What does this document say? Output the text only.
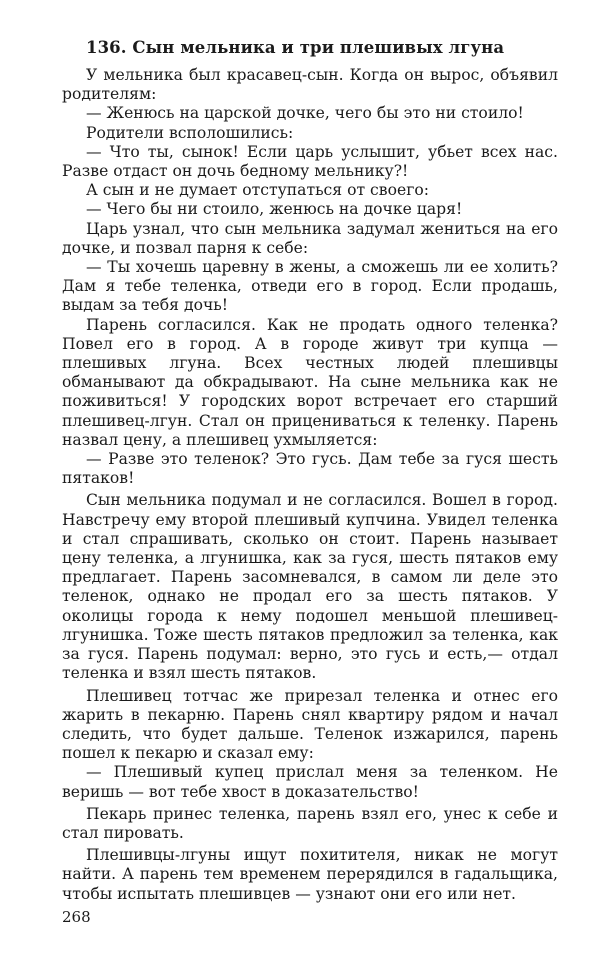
136. Сын мельника и три плешивых лгуна

У мельника был красавец-сын. Когда он вырос, объявил родителям:

— Женюсь на царской дочке, чего бы это ни стоило!

Родители всполошились:

— Что ты, сынок! Если царь услышит, убьет всех нас. Разве отдаст он дочь бедному мельнику?!

А сын и не думает отступаться от своего:

— Чего бы ни стоило, женюсь на дочке царя!

Царь узнал, что сын мельника задумал жениться на его дочке, и позвал парня к себе:

— Ты хочешь царевну в жены, а сможешь ли ее холить? Дам я тебе теленка, отведи его в город. Если продашь, выдам за тебя дочь!

Парень согласился. Как не продать одного теленка? Повел его в город. А в городе живут три купца — плешивых лгуна. Всех честных людей плешивцы обманывают да обкрадывают. На сыне мельника как не поживиться! У городских ворот встречает его старший плешивец-лгун. Стал он прицениваться к теленку. Парень назвал цену, а плешивец ухмыляется:

— Разве это теленок? Это гусь. Дам тебе за гуся шесть пятаков!

Сын мельника подумал и не согласился. Вошел в город. Навстречу ему второй плешивый купчина. Увидел теленка и стал спрашивать, сколько он стоит. Парень называет цену теленка, а лгунишка, как за гуся, шесть пятаков ему предлагает. Парень засомневался, в самом ли деле это теленок, однако не продал его за шесть пятаков. У околицы города к нему подошел меньшой плешивец-лгунишка. Тоже шесть пятаков предложил за теленка, как за гуся. Парень подумал: верно, это гусь и есть,— отдал теленка и взял шесть пятаков.

Плешивец тотчас же прирезал теленка и отнес его жарить в пекарню. Парень снял квартиру рядом и начал следить, что будет дальше. Теленок изжарился, парень пошел к пекарю и сказал ему:

— Плешивый купец прислал меня за теленком. Не веришь — вот тебе хвост в доказательство!

Пекарь принес теленка, парень взял его, унес к себе и стал пировать.

Плешивцы-лгуны ищут похитителя, никак не могут найти. А парень тем временем перерядился в гадальщика, чтобы испытать плешивцев — узнают они его или нет.

268
